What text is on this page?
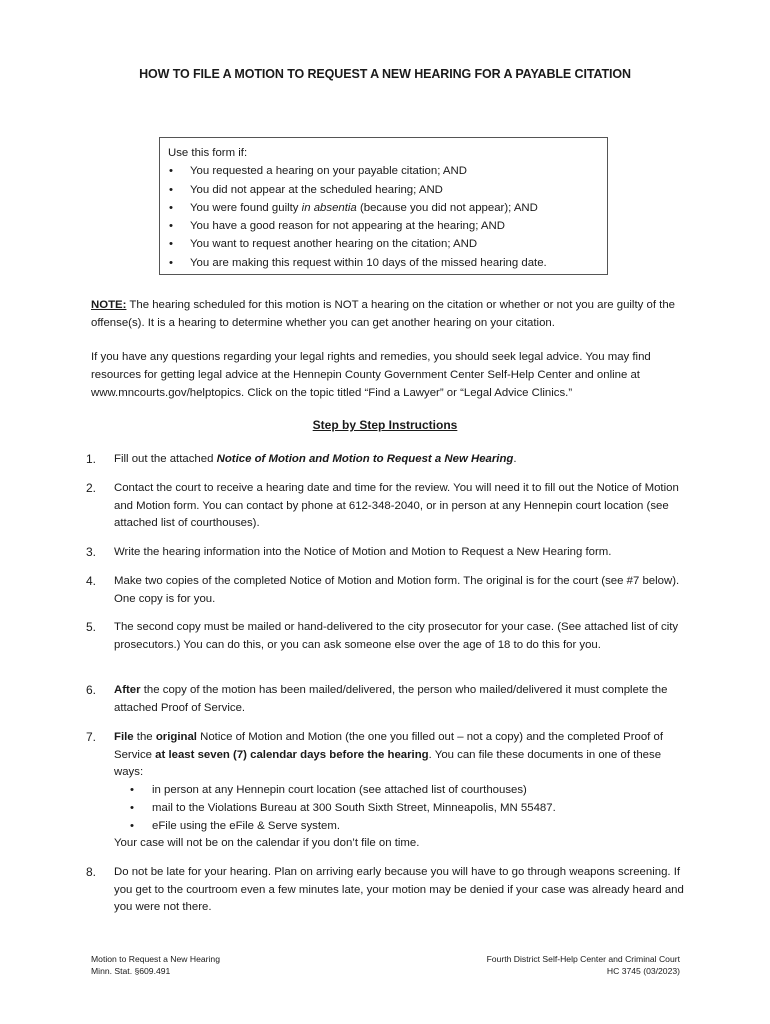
HOW TO FILE A MOTION TO REQUEST A NEW HEARING FOR A PAYABLE CITATION
Use this form if:
• You requested a hearing on your payable citation; AND
• You did not appear at the scheduled hearing; AND
• You were found guilty in absentia (because you did not appear); AND
• You have a good reason for not appearing at the hearing; AND
• You want to request another hearing on the citation; AND
• You are making this request within 10 days of the missed hearing date.
NOTE: The hearing scheduled for this motion is NOT a hearing on the citation or whether or not you are guilty of the offense(s). It is a hearing to determine whether you can get another hearing on your citation.
If you have any questions regarding your legal rights and remedies, you should seek legal advice. You may find resources for getting legal advice at the Hennepin County Government Center Self-Help Center and online at www.mncourts.gov/helptopics. Click on the topic titled “Find a Lawyer” or “Legal Advice Clinics.”
Step by Step Instructions
1.	Fill out the attached Notice of Motion and Motion to Request a New Hearing.
2.	Contact the court to receive a hearing date and time for the review. You will need it to fill out the Notice of Motion and Motion form. You can contact by phone at 612-348-2040, or in person at any Hennepin court location (see attached list of courthouses).
3.	Write the hearing information into the Notice of Motion and Motion to Request a New Hearing form.
4.	Make two copies of the completed Notice of Motion and Motion form. The original is for the court (see #7 below). One copy is for you.
5.	The second copy must be mailed or hand-delivered to the city prosecutor for your case. (See attached list of city prosecutors.) You can do this, or you can ask someone else over the age of 18 to do this for you.
6.	After the copy of the motion has been mailed/delivered, the person who mailed/delivered it must complete the attached Proof of Service.
7.	File the original Notice of Motion and Motion (the one you filled out – not a copy) and the completed Proof of Service at least seven (7) calendar days before the hearing. You can file these documents in one of these ways:
• in person at any Hennepin court location (see attached list of courthouses)
• mail to the Violations Bureau at 300 South Sixth Street, Minneapolis, MN 55487.
• eFile using the eFile & Serve system.
Your case will not be on the calendar if you don’t file on time.
8.	Do not be late for your hearing. Plan on arriving early because you will have to go through weapons screening. If you get to the courtroom even a few minutes late, your motion may be denied if your case was already heard and you were not there.
Motion to Request a New Hearing
Minn. Stat. §609.491
Fourth District Self-Help Center and Criminal Court
HC 3745 (03/2023)
